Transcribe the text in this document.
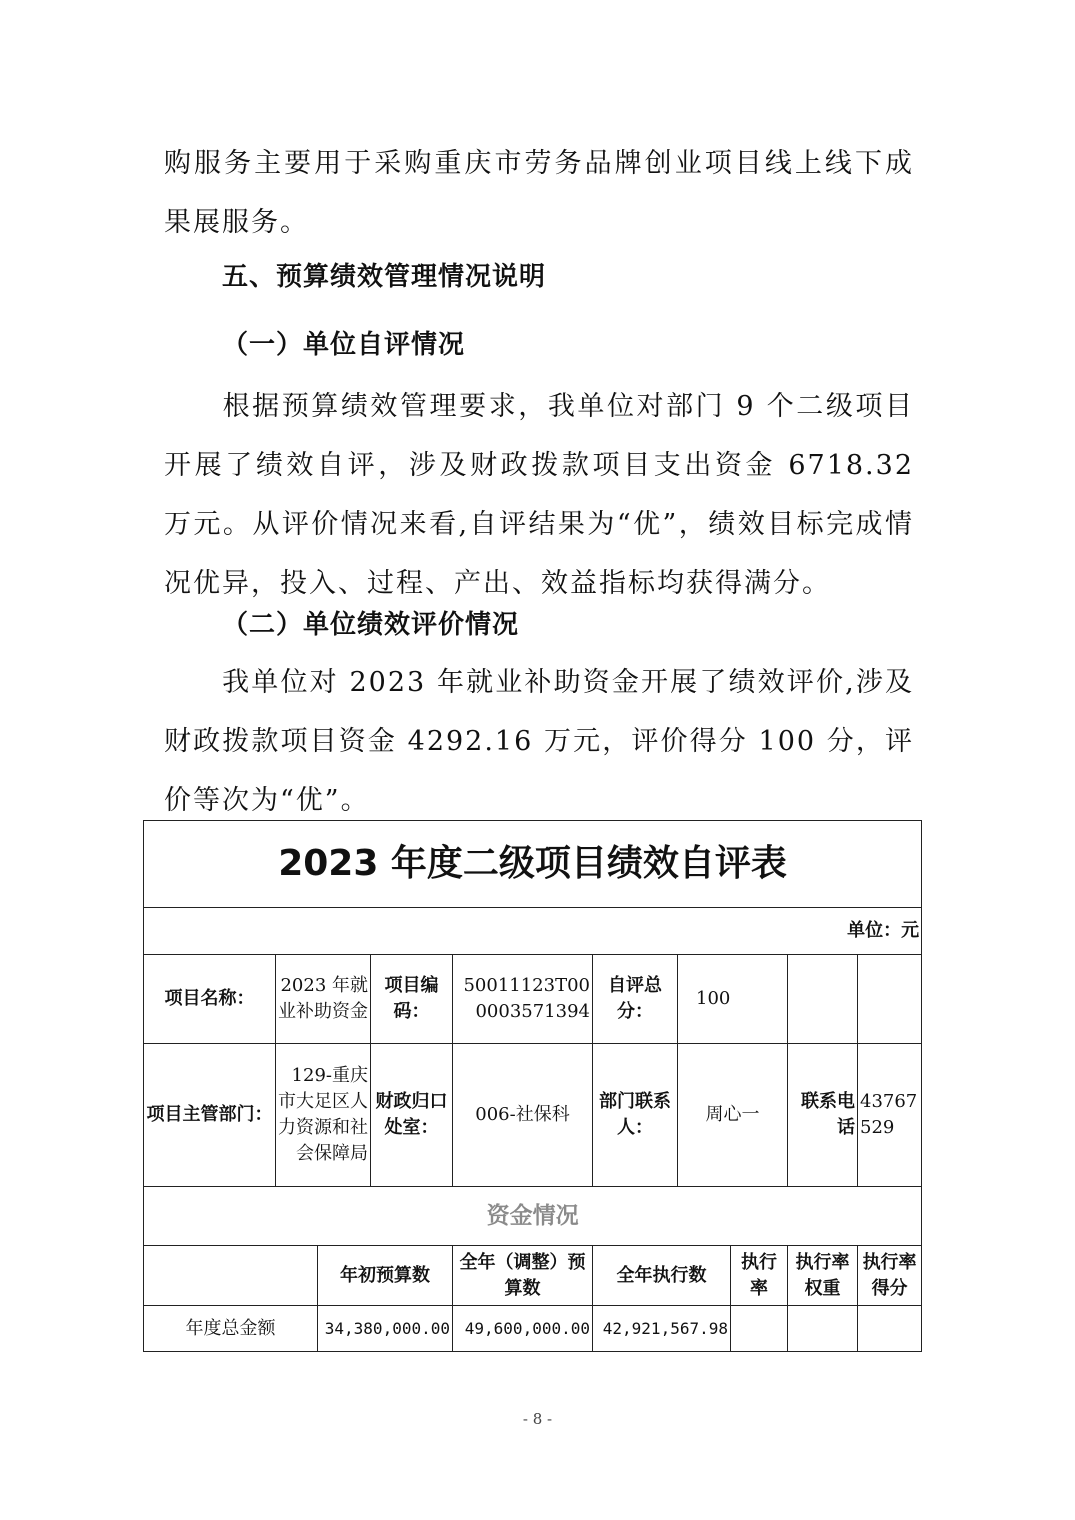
购服务主要用于采购重庆市劳务品牌创业项目线上线下成果展服务。

五、预算绩效管理情况说明

（一）单位自评情况

根据预算绩效管理要求，我单位对部门 9 个二级项目开展了绩效自评，涉及财政拨款项目支出资金 6718.32 万元。从评价情况来看,自评结果为“优”，绩效目标完成情况优异，投入、过程、产出、效益指标均获得满分。

（二）单位绩效评价情况

我单位对 2023 年就业补助资金开展了绩效评价,涉及财政拨款项目资金 4292.16 万元，评价得分 100 分，评价等次为“优”。

2023 年度二级项目绩效自评表									
单位：元									
项目名称：	2023 年就业补助资金		项目编码：	50011123T000003571394	自评总分：	100			
项目主管部门：	129-重庆市大足区人力资源和社会保障局		财政归口处室：	006-社保科	部门联系人：	周心一		联系电话	43767529
资金情况									
		年初预算数		全年（调整）预算数	全年执行数		执行率	执行率权重	执行率得分
年度总金额		34,380,000.00		49,600,000.00	42,921,567.98				
- 8 -
